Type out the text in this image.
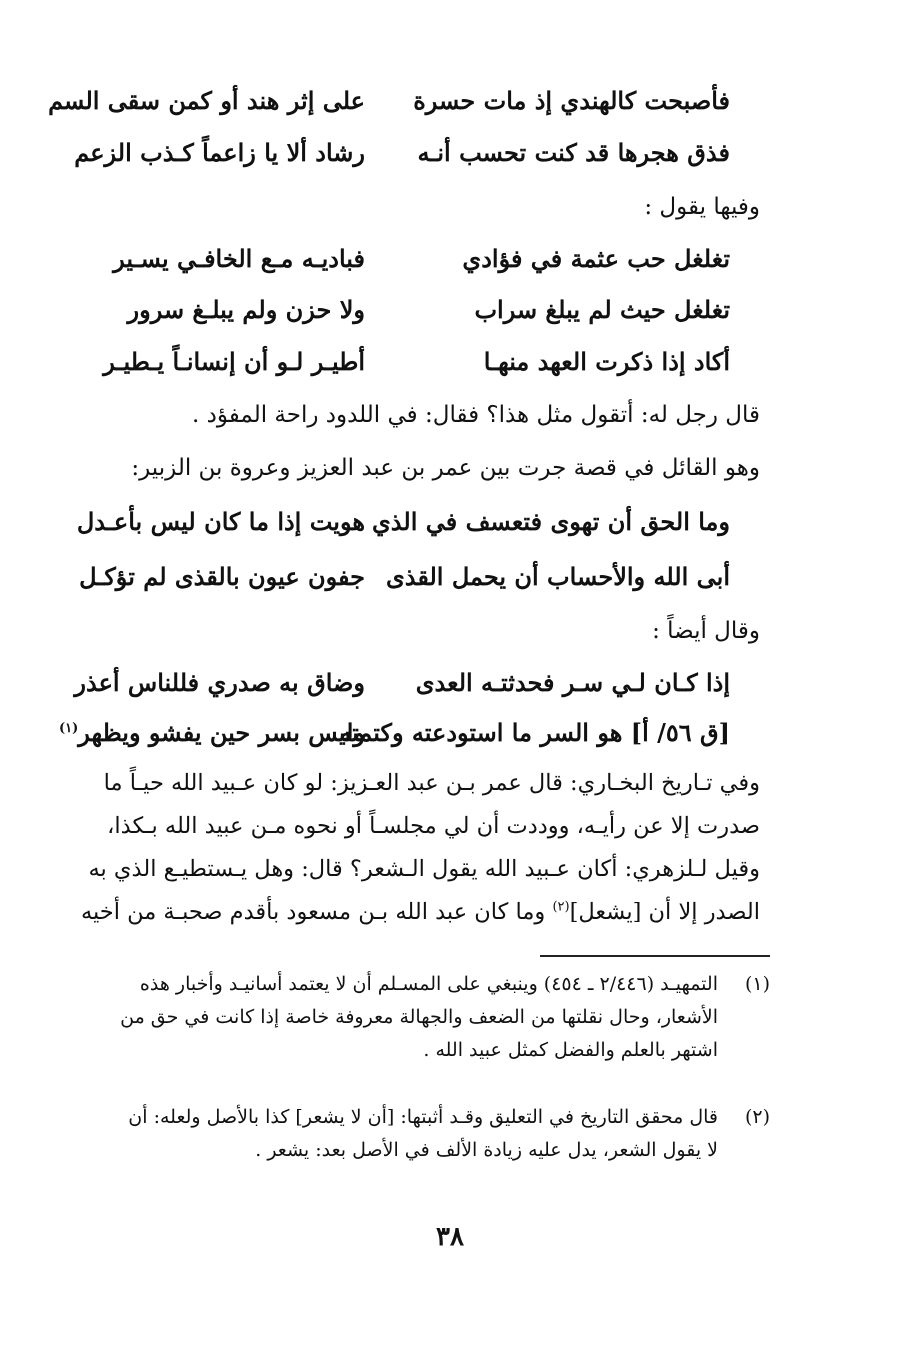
فأصبحت كالهندي إذ مات حسرة
على إثر هند أو كمن سقى السم
فذق هجرها قد كنت تحسب أنـه
رشاد ألا يا زاعماً كـذب الزعم
وفيها يقول :
تغلغل حب عثمة في فؤادي
فباديـه مـع الخافـي يسـير
تغلغل حيث لم يبلغ سراب
ولا حزن ولم يبلـغ سرور
أكاد إذا ذكرت العهد منهـا
أطيـر لـو أن إنسانـاً يـطيـر
قال رجل له: أتقول مثل هذا؟ فقال: في اللدود راحة المفؤد .
وهو القائل في قصة جرت بين عمر بن عبد العزيز وعروة بن الزبير:
وما الحق أن تهوى فتعسف في الذي
هويت إذا ما كان ليس بأعـدل
أبى الله والأحساب أن يحمل القذى
جفون عيون بالقذى لم تؤكـل
وقال أيضاً :
إذا كـان لـي سـر فحدثتـه العدى
وضاق به صدري فللناس أعذر
[ق ٥٦/ أ] هو السر ما استودعته وكتمته
وليس بسر حين يفشو ويظهر$^{(١)}$
وفي تـاريخ البخـاري: قال عمر بـن عبد العـزيز: لو كان عـبيد الله حيـاً ما
صدرت إلا عن رأيـه، ووددت أن لي مجلسـاً أو نحوه مـن عبيد الله بـكذا،
وقيل لـلزهري: أكان عـبيد الله يقول الـشعر؟ قال: وهل يـستطيـع الذي به
الصدر إلا أن [يشعل]$^{(٢)}$ وما كان عبد الله بـن مسعود بأقدم صحبـة من أخيه
(١)
التمهيـد (٢/٤٤٦ ـ ٤٥٤) وينبغي على المسـلم أن لا يعتمد أسانيـد وأخبار هذه
الأشعار، وحال نقلتها من الضعف والجهالة معروفة خاصة إذا كانت في حق من
اشتهر بالعلم والفضل كمثل عبيد الله .
(٢)
قال محقق التاريخ في التعليق وقـد أثبتها: [أن لا يشعر] كذا بالأصل ولعله: أن
لا يقول الشعر، يدل عليه زيادة الألف في الأصل بعد: يشعر .
٣٨
